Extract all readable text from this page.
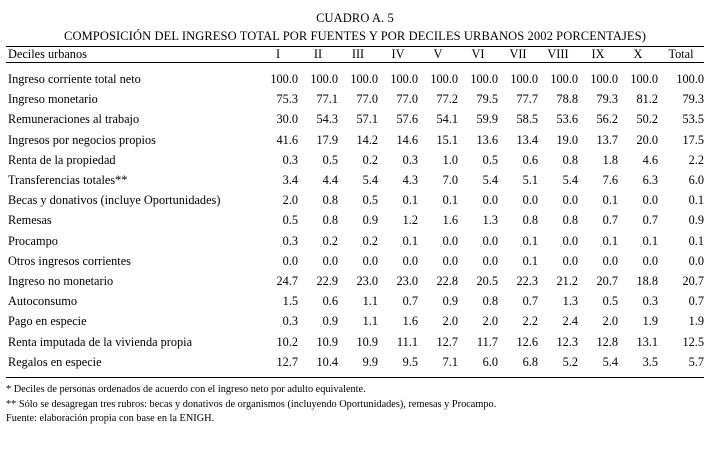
CUADRO A. 5
COMPOSICIÓN DEL INGRESO TOTAL POR FUENTES Y POR DECILES URBANOS 2002 PORCENTAJES)

Deciles urbanos	I	II	III	IV	V	VI	VII	VIII	IX	X	Total

Ingreso corriente total neto	100.0	100.0	100.0	100.0	100.0	100.0	100.0	100.0	100.0	100.0	100.0
Ingreso monetario	75.3	77.1	77.0	77.0	77.2	79.5	77.7	78.8	79.3	81.2	79.3
Remuneraciones al trabajo	30.0	54.3	57.1	57.6	54.1	59.9	58.5	53.6	56.2	50.2	53.5
Ingresos por negocios propios	41.6	17.9	14.2	14.6	15.1	13.6	13.4	19.0	13.7	20.0	17.5
Renta de la propiedad	0.3	0.5	0.2	0.3	1.0	0.5	0.6	0.8	1.8	4.6	2.2
Transferencias totales**	3.4	4.4	5.4	4.3	7.0	5.4	5.1	5.4	7.6	6.3	6.0
Becas y donativos (incluye Oportunidades)	2.0	0.8	0.5	0.1	0.1	0.0	0.0	0.0	0.1	0.0	0.1
Remesas	0.5	0.8	0.9	1.2	1.6	1.3	0.8	0.8	0.7	0.7	0.9
Procampo	0.3	0.2	0.2	0.1	0.0	0.0	0.1	0.0	0.1	0.1	0.1
Otros ingresos corrientes	0.0	0.0	0.0	0.0	0.0	0.0	0.1	0.0	0.0	0.0	0.0
Ingreso no monetario	24.7	22.9	23.0	23.0	22.8	20.5	22.3	21.2	20.7	18.8	20.7
Autoconsumo	1.5	0.6	1.1	0.7	0.9	0.8	0.7	1.3	0.5	0.3	0.7
Pago en especie	0.3	0.9	1.1	1.6	2.0	2.0	2.2	2.4	2.0	1.9	1.9
Renta imputada de la vivienda propia	10.2	10.9	10.9	11.1	12.7	11.7	12.6	12.3	12.8	13.1	12.5
Regalos en especie	12.7	10.4	9.9	9.5	7.1	6.0	6.8	5.2	5.4	3.5	5.7

* Deciles de personas ordenados de acuerdo con el ingreso neto por adulto equivalente.
** Sólo se desagregan tres rubros: becas y donativos de organismos (incluyendo Oportunidades), remesas y Procampo.
Fuente: elaboración propia con base en la ENIGH.
